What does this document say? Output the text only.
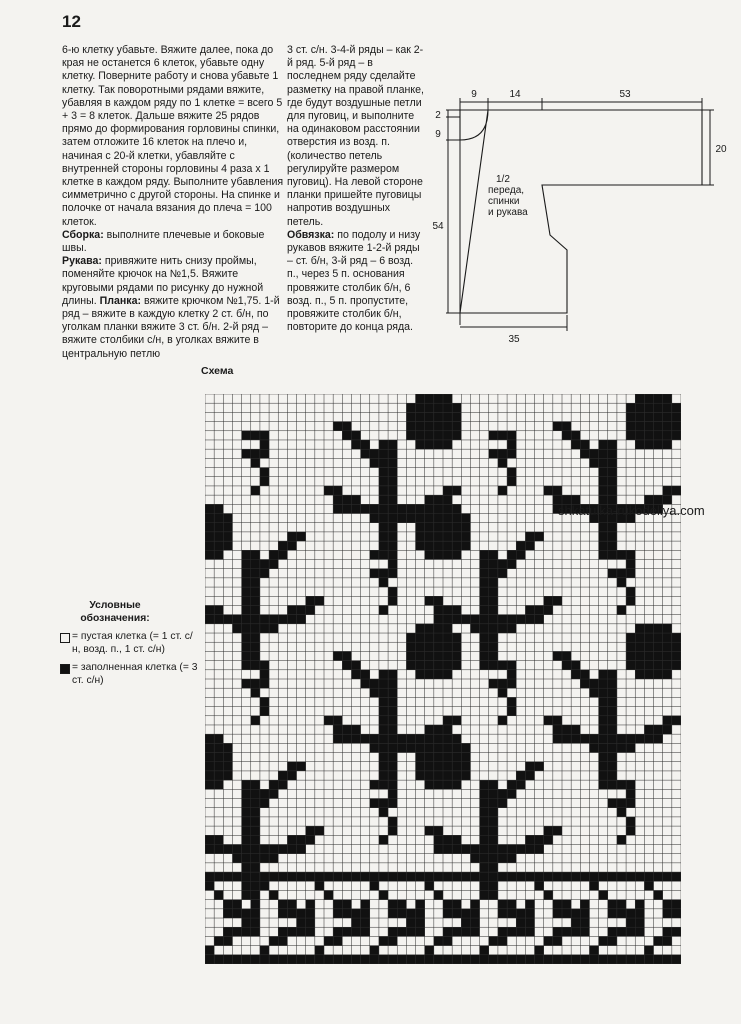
12

6-ю клетку убавьте. Вяжите далее, пока до края не останется 6 клеток, убавьте одну клетку. Поверните работу и снова убавьте 1 клетку. Так поворотными рядами вяжите, убавляя в каждом ряду по 1 клетке = всего 5 + 3 = 8 клеток. Дальше вяжите 25 рядов прямо до формирования горловины спинки, затем отложите 16 клеток на плечо и, начиная с 20-й клетки, убавляйте с внутренней стороны горловины 4 раза х 1 клетке в каждом ряду. Выполните убавления симметрично с другой стороны. На спинке и полочке от начала вязания до плеча = 100 клеток.

Сборка: выполните плечевые и боковые швы.

Рукава: привяжите нить снизу проймы, поменяйте крючок на №1,5. Вяжите круговыми рядами по рисунку до нужной длины. Планка: вяжите крючком №1,75. 1-й ряд – вяжите в каждую клетку 2 ст. б/н, по уголкам планки вяжите 3 ст. б/н. 2-й ряд – вяжите столбики с/н, в уголках вяжите в центральную петлю

3 ст. с/н. 3-4-й ряды – как 2-й ряд. 5-й ряд – в последнем ряду сделайте разметку на правой планке, где будут воздушные петли для пуговиц, и выполните на одинаковом расстоянии отверстия из возд. п. (количество петель регулируйте размером пуговиц). На левой стороне планки пришейте пуговицы напротив воздушных петель.

Обвязка: по подолу и низу рукавов вяжите 1-2-й ряды – ст. б/н, 3-й ряд – 6 возд. п., через 5 п. основания провяжите столбик б/н, 6 возд. п., 5 п. пропустите, провяжите столбик б/н, повторите до конца ряда.

9	14	53
2
9
20
54
35
1/2
переда,
спинки
и рукава
Схема
shkatulka-rukodeliya.com
Условные обозначения:
= пустая клетка (= 1 ст. с/н, возд. п., 1 ст. с/н)
= заполненная клетка (= 3 ст. с/н)
